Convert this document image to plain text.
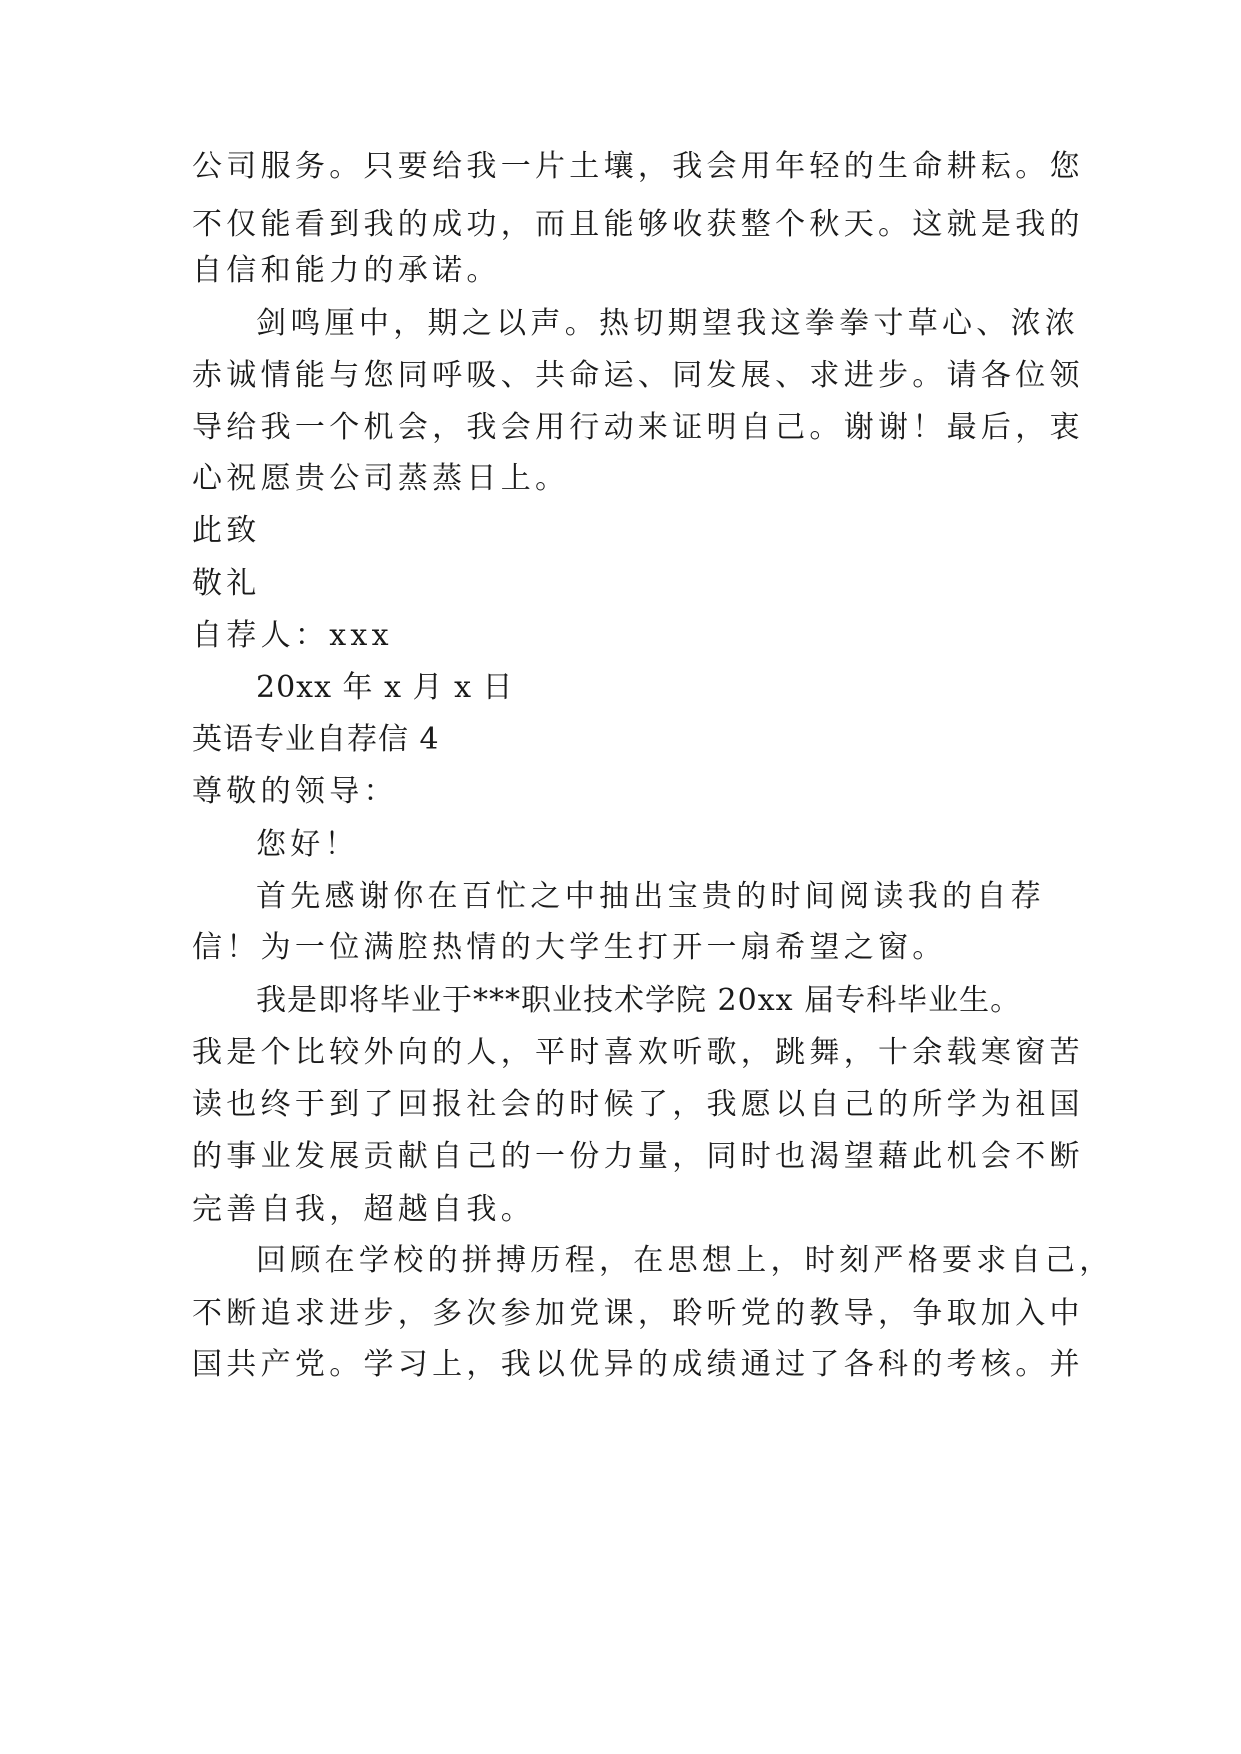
公司服务。只要给我一片土壤，我会用年轻的生命耕耘。您

不仅能看到我的成功，而且能够收获整个秋天。这就是我的

自信和能力的承诺。

剑鸣厘中，期之以声。热切期望我这拳拳寸草心、浓浓

赤诚情能与您同呼吸、共命运、同发展、求进步。请各位领

导给我一个机会，我会用行动来证明自己。谢谢！最后，衷

心祝愿贵公司蒸蒸日上。

此致

敬礼

自荐人：xxx

20xx 年 x 月 x 日

英语专业自荐信 4

尊敬的领导：

您好！

首先感谢你在百忙之中抽出宝贵的时间阅读我的自荐

信！为一位满腔热情的大学生打开一扇希望之窗。

我是即将毕业于***职业技术学院 20xx 届专科毕业生。

我是个比较外向的人，平时喜欢听歌，跳舞，十余载寒窗苦

读也终于到了回报社会的时候了，我愿以自己的所学为祖国

的事业发展贡献自己的一份力量，同时也渴望藉此机会不断

完善自我，超越自我。

回顾在学校的拼搏历程，在思想上，时刻严格要求自己，

不断追求进步，多次参加党课，聆听党的教导，争取加入中

国共产党。学习上，我以优异的成绩通过了各科的考核。并
